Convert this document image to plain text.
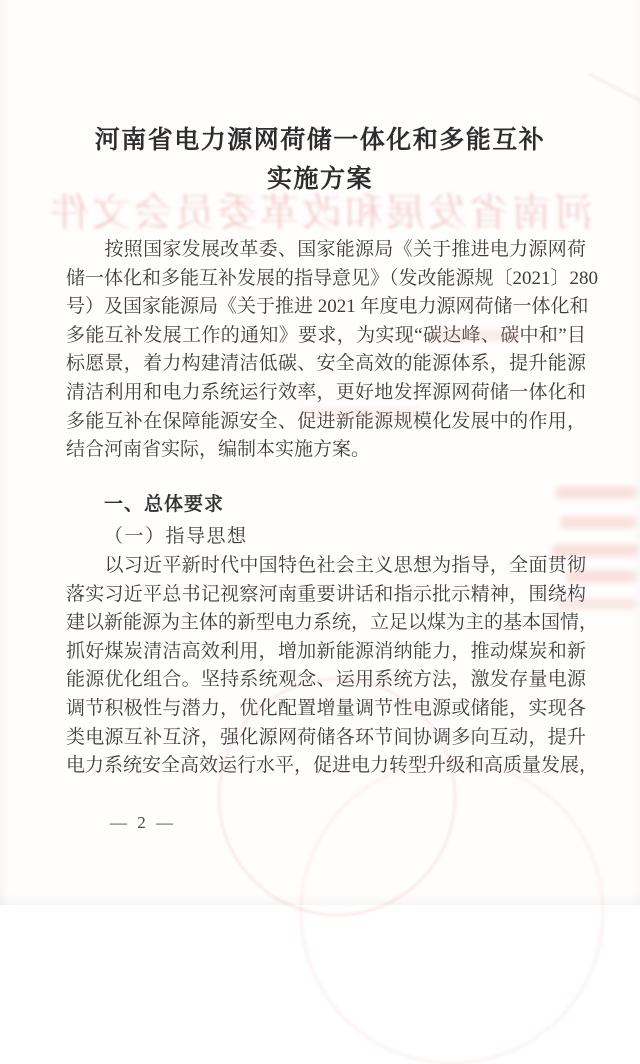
河南省发展和改革委员会文件
河南省电力源网荷储一体化和多能互补
实施方案
　　按照国家发展改革委、国家能源局《关于推进电力源网荷
储一体化和多能互补发展的指导意见》（发改能源规〔2021〕280
号）及国家能源局《关于推进 2021 年度电力源网荷储一体化和
多能互补发展工作的通知》要求，为实现“碳达峰、碳中和”目
标愿景，着力构建清洁低碳、安全高效的能源体系，提升能源
清洁利用和电力系统运行效率，更好地发挥源网荷储一体化和
多能互补在保障能源安全、促进新能源规模化发展中的作用，
结合河南省实际，编制本实施方案。
一、总体要求
（一）指导思想
　　以习近平新时代中国特色社会主义思想为指导，全面贯彻
落实习近平总书记视察河南重要讲话和指示批示精神，围绕构
建以新能源为主体的新型电力系统，立足以煤为主的基本国情，
抓好煤炭清洁高效利用，增加新能源消纳能力，推动煤炭和新
能源优化组合。坚持系统观念、运用系统方法，激发存量电源
调节积极性与潜力，优化配置增量调节性电源或储能，实现各
类电源互补互济，强化源网荷储各环节间协调多向互动，提升
电力系统安全高效运行水平，促进电力转型升级和高质量发展，
— 2 —
